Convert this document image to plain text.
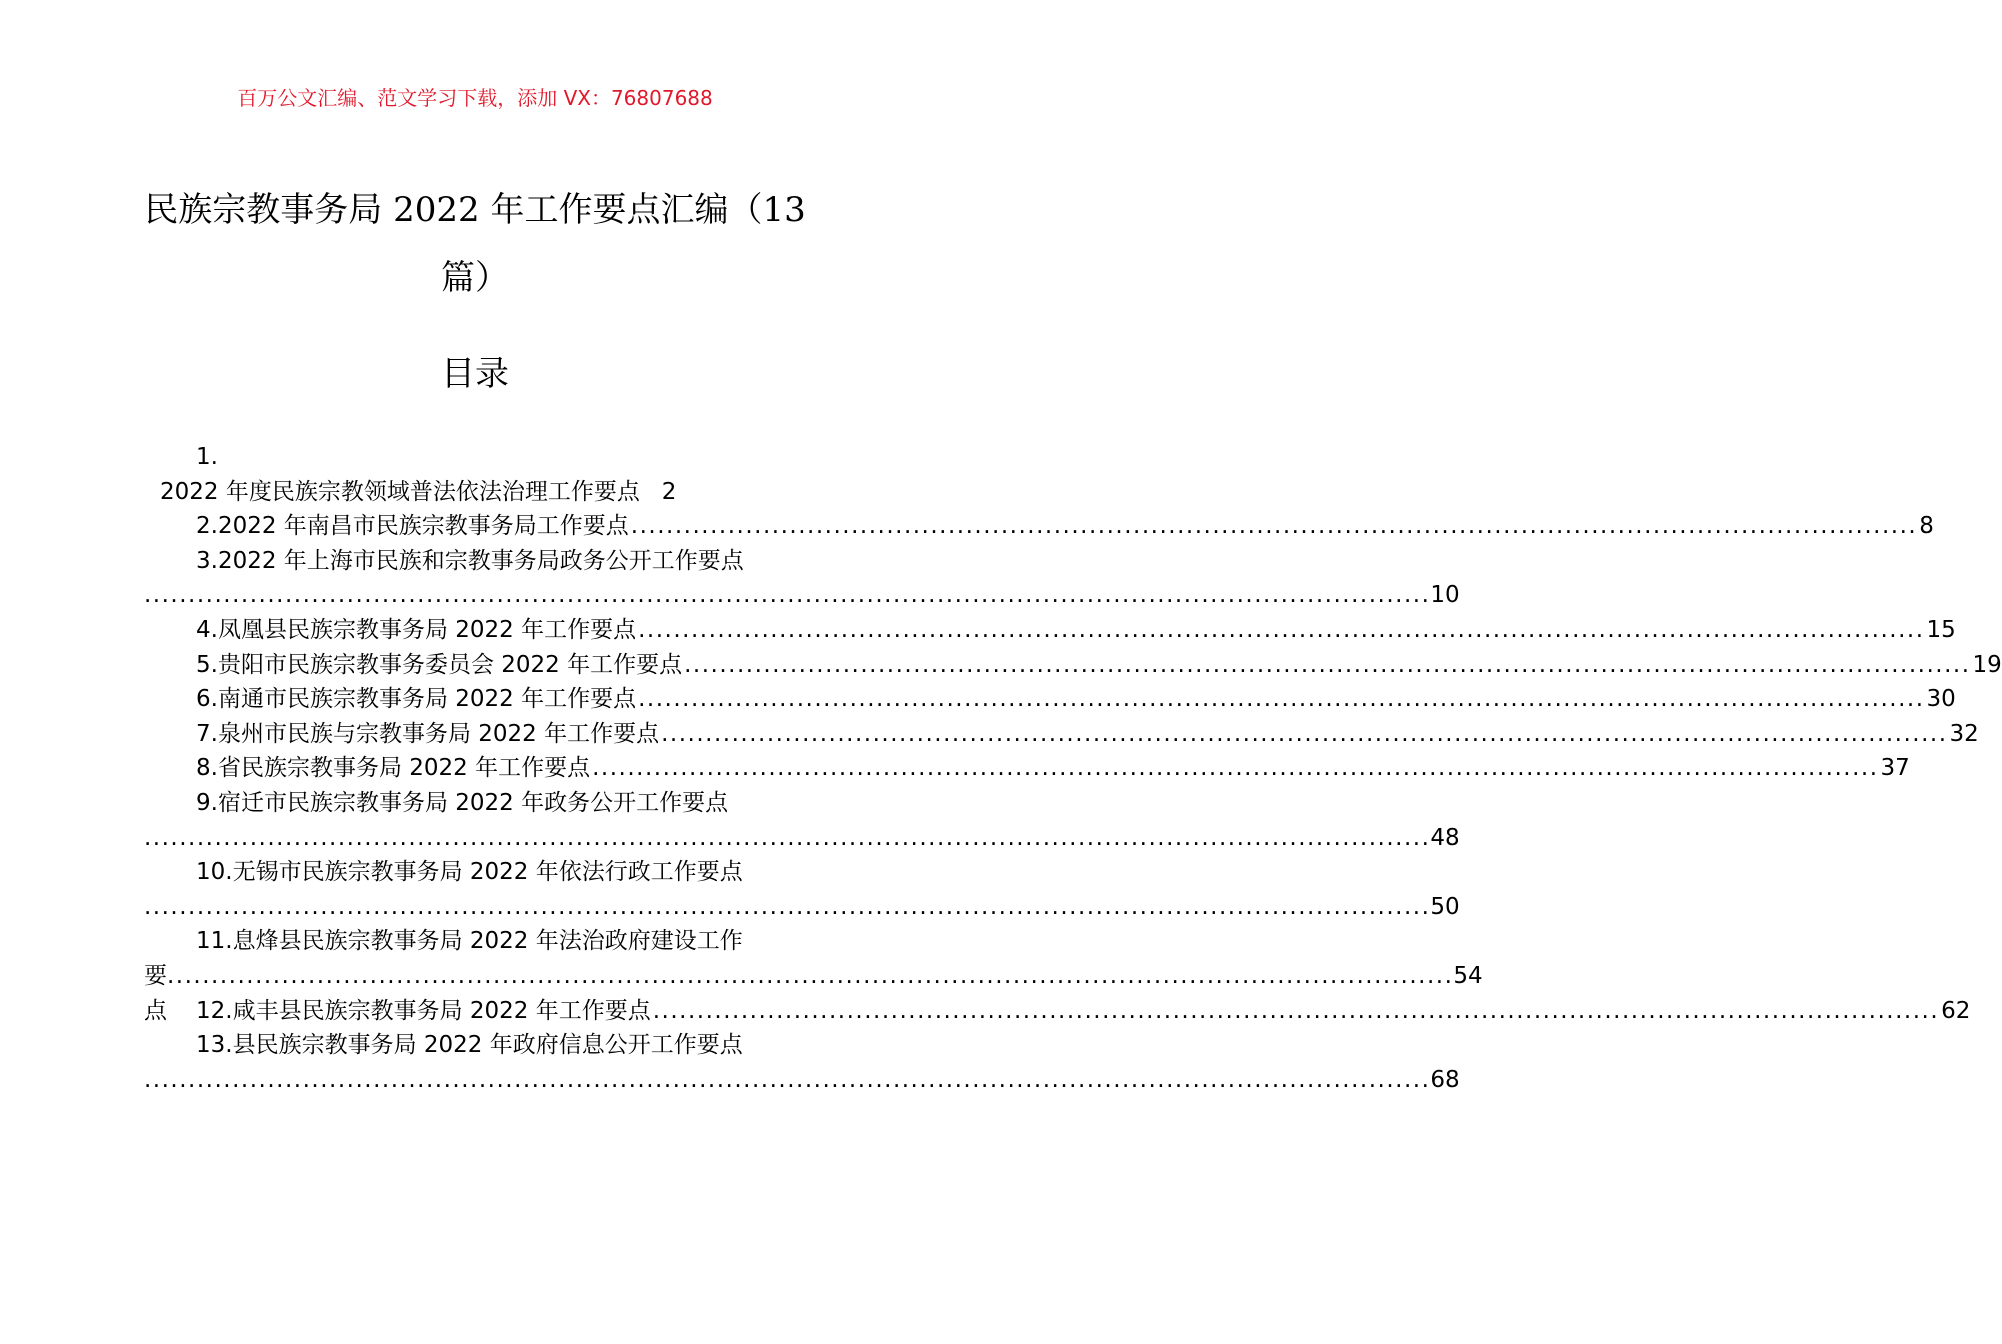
百万公文汇编、范文学习下载，添加 VX：76807688
民族宗教事务局 2022 年工作要点汇编（13
篇）
目录
1.
2022 年度民族宗教领域普法依法治理工作要点 2
2.2022 年南昌市民族宗教事务局工作要点 .................................................................................................................................................. 8
3.2022 年上海市民族和宗教事务局政务公开工作要点
.................................................................................................................................................. 10
4.凤凰县民族宗教事务局 2022 年工作要点 .................................................................................................................................................. 15
5.贵阳市民族宗教事务委员会 2022 年工作要点 .................................................................................................................................................. 19
6.南通市民族宗教事务局 2022 年工作要点 .................................................................................................................................................. 30
7.泉州市民族与宗教事务局 2022 年工作要点 .................................................................................................................................................. 32
8.省民族宗教事务局 2022 年工作要点 .................................................................................................................................................. 37
9.宿迁市民族宗教事务局 2022 年政务公开工作要点
.................................................................................................................................................. 48
10.无锡市民族宗教事务局 2022 年依法行政工作要点
.................................................................................................................................................. 50
11.息烽县民族宗教事务局 2022 年法治政府建设工作
要点
.................................................................................................................................................. 54
12.咸丰县民族宗教事务局 2022 年工作要点 .................................................................................................................................................. 62
13.县民族宗教事务局 2022 年政府信息公开工作要点
.................................................................................................................................................. 68
